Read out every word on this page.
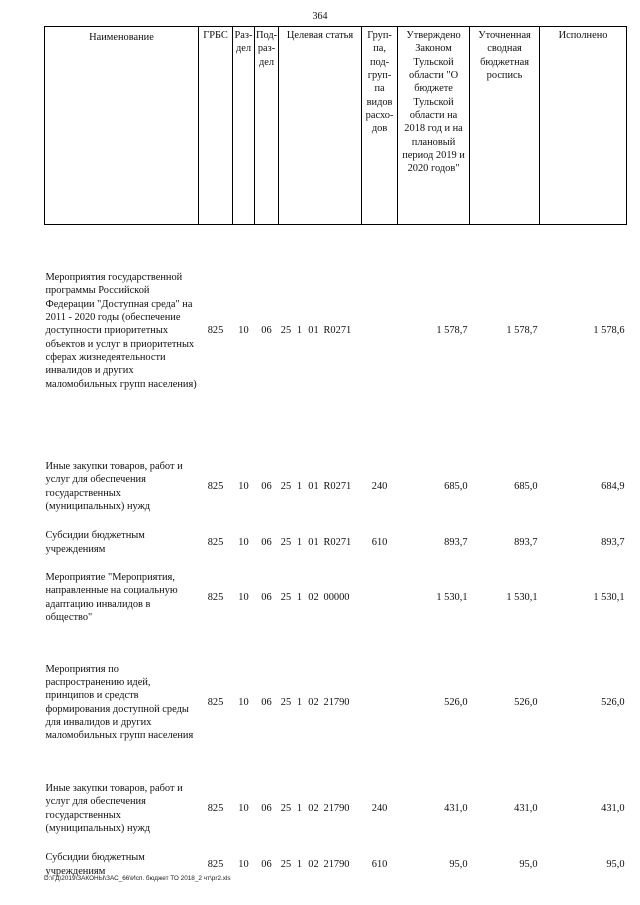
364
Наименование	ГРБС	Раз-дел	Под-раз-дел	Целевая статья				Груп-па, под-груп-па видов расхо-дов	Утверждено Законом Тульской области "О бюджете Тульской области на 2018 год и на плановый период 2019 и 2020 годов"	Уточненная сводная бюджетная роспись	Исполнено

Мероприятия государственной программы Российской Федерации "Доступная среда" на 2011 - 2020 годы (обеспечение доступности приоритетных объектов и услуг в приоритетных сферах жизнедеятельности инвалидов и других маломобильных групп населения)	825	10	06	25	1	01	R0271		1 578,7	1 578,7	1 578,6

Иные закупки товаров, работ и услуг для обеспечения государственных (муниципальных) нужд	825	10	06	25	1	01	R0271	240	685,0	685,0	684,9
Субсидии бюджетным учреждениям	825	10	06	25	1	01	R0271	610	893,7	893,7	893,7
Мероприятие "Мероприятия, направленные на социальную адаптацию инвалидов в общество"	825	10	06	25	1	02	00000		1 530,1	1 530,1	1 530,1

Мероприятия по распространению идей, принципов и средств формирования доступной среды для инвалидов и других маломобильных групп населения	825	10	06	25	1	02	21790		526,0	526,0	526,0

Иные закупки товаров, работ и услуг для обеспечения государственных (муниципальных) нужд	825	10	06	25	1	02	21790	240	431,0	431,0	431,0
Субсидии бюджетным учреждениям	825	10	06	25	1	02	21790	610	95,0	95,0	95,0
D:\ГД\2019\ЗАКОНЫ\ЗАС_66\Исп. бюджет ТО 2018_2 чт\pr2.xls
